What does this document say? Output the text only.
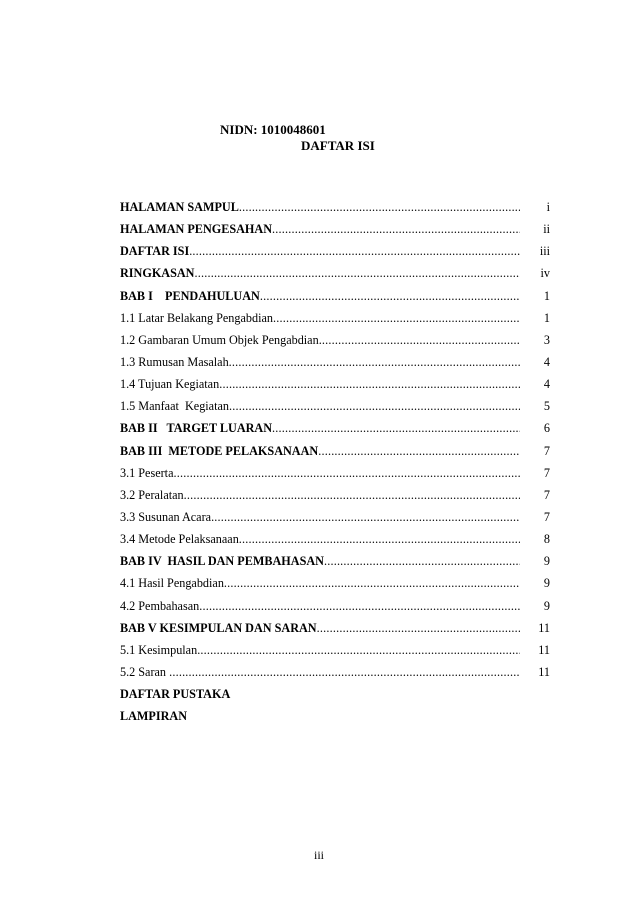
NIDN: 1010048601
DAFTAR ISI
HALAMAN SAMPUL .....	i
HALAMAN PENGESAHAN .....	ii
DAFTAR ISI .....	iii
RINGKASAN .....	iv
BAB I    PENDAHULUAN .....	1
1.1 Latar Belakang Pengabdian .....	1
1.2 Gambaran Umum Objek Pengabdian .....	3
1.3 Rumusan Masalah .....	4
1.4 Tujuan Kegiatan .....	4
1.5 Manfaat  Kegiatan .....	5
BAB II   TARGET LUARAN .....	6
BAB III  METODE PELAKSANAAN .....	7
3.1 Peserta .....	7
3.2 Peralatan .....	7
3.3 Susunan Acara .....	7
3.4 Metode Pelaksanaan .....	8
BAB IV  HASIL DAN PEMBAHASAN .....	9
4.1 Hasil Pengabdian .....	9
4.2 Pembahasan .....	9
BAB V KESIMPULAN DAN SARAN .....	11
5.1 Kesimpulan .....	11
5.2 Saran .....	11
DAFTAR PUSTAKA
LAMPIRAN
iii
